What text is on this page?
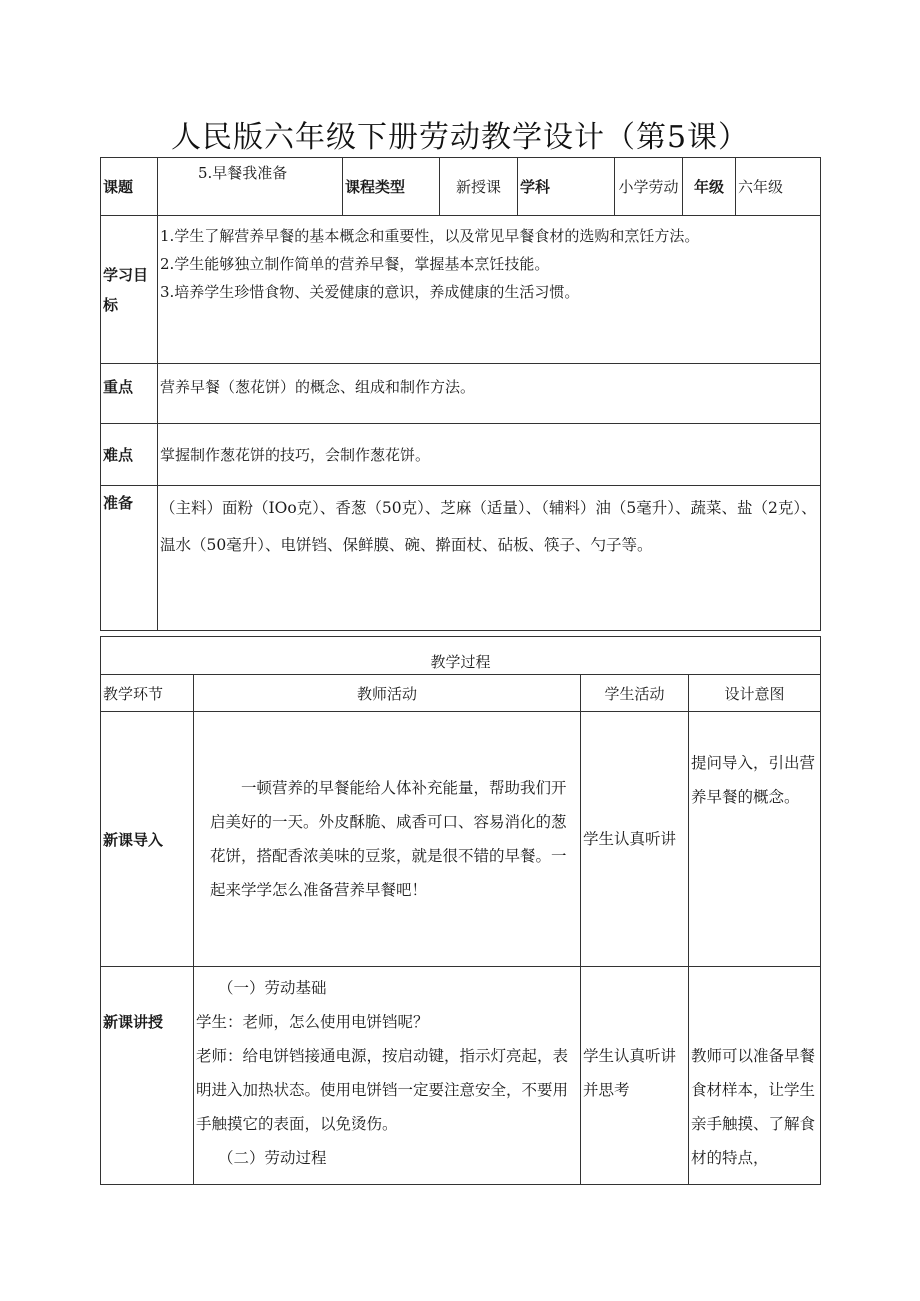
人民版六年级下册劳动教学设计（第5课）
课题	5.早餐我准备	课程类型	新授课	学科	小学劳动	年级	六年级
学习目标	1.学生了解营养早餐的基本概念和重要性，以及常见早餐食材的选购和烹饪方法。
2.学生能够独立制作简单的营养早餐，掌握基本烹饪技能。
3.培养学生珍惜食物、关爱健康的意识，养成健康的生活习惯。						

重点	营养早餐（葱花饼）的概念、组成和制作方法。						
难点	掌握制作葱花饼的技巧，会制作葱花饼。						
准备	（主料）面粉（IOo克）、香葱（50克）、芝麻（适量）、（辅料）油（5毫升）、蔬菜、盐（2克）、温水（50毫升）、电饼铛、保鲜膜、碗、擀面杖、砧板、筷子、勺子等。						
教学过程			
教学环节	教师活动	学生活动	设计意图
新课导入	一顿营养的早餐能给人体补充能量，帮助我们开启美好的一天。外皮酥脆、咸香可口、容易消化的葱花饼，搭配香浓美味的豆浆，就是很不错的早餐。一起来学学怎么准备营养早餐吧！	学生认真听讲	提问导入，引出营养早餐的概念。
新课讲授	（一）劳动基础
学生：老师，怎么使用电饼铛呢？
老师：给电饼铛接通电源，按启动键，指示灯亮起，表明进入加热状态。使用电饼铛一定要注意安全，不要用手触摸它的表面，以免烫伤。
（二）劳动过程	学生认真听讲并思考	教师可以准备早餐食材样本，让学生亲手触摸、了解食材的特点，
